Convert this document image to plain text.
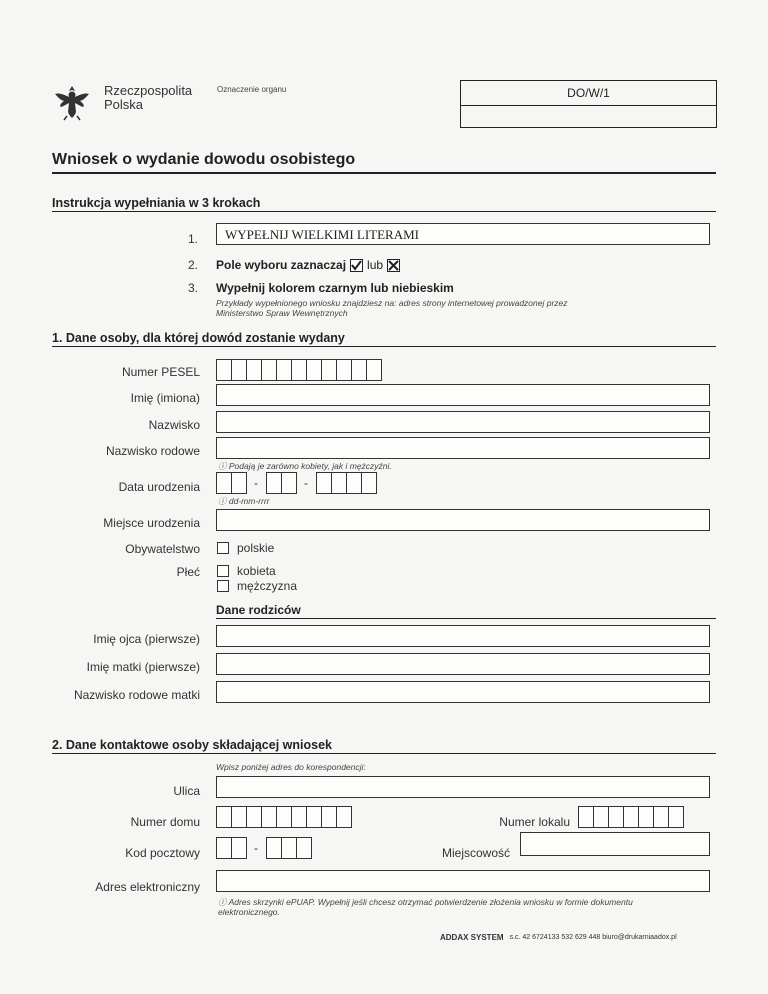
Rzeczpospolita
Polska
Oznaczenie organu	DO/W/1
Wniosek o wydanie dowodu osobistego
Instrukcja wypełniania w 3 krokach
1.	WYPEŁNIJ WIELKIMI LITERAMI
2. Pole wyboru zaznaczaj lub
3. Wypełnij kolorem czarnym lub niebieskim
Przykłady wypełnionego wniosku znajdziesz na: adres strony internetowej prowadzonej przez Ministerstwo Spraw Wewnętrznych
1. Dane osoby, dla której dowód zostanie wydany
Numer PESEL
Imię (imiona)
Nazwisko
Nazwisko rodowe
ⓘ Podają je zarówno kobiety, jak i mężczyźni.
Data urodzenia	-	-
ⓘ dd-mm-rrrr
Miejsce urodzenia
Obywatelstwo	polskie
Płeć	kobieta
mężczyzna
Dane rodziców
Imię ojca (pierwsze)
Imię matki (pierwsze)
Nazwisko rodowe matki
2. Dane kontaktowe osoby składającej wniosek
Wpisz poniżej adres do korespondencji:
Ulica
Numer domu	Numer lokalu
Kod pocztowy	-	Miejscowość
Adres elektroniczny
ⓘ Adres skrzynki ePUAP. Wypełnij jeśli chcesz otrzymać potwierdzenie złożenia wniosku w formie dokumentu elektronicznego.
ADDAX SYSTEM s.c. 42 6724133 532 629 448 biuro@drukarniaadox.pl
